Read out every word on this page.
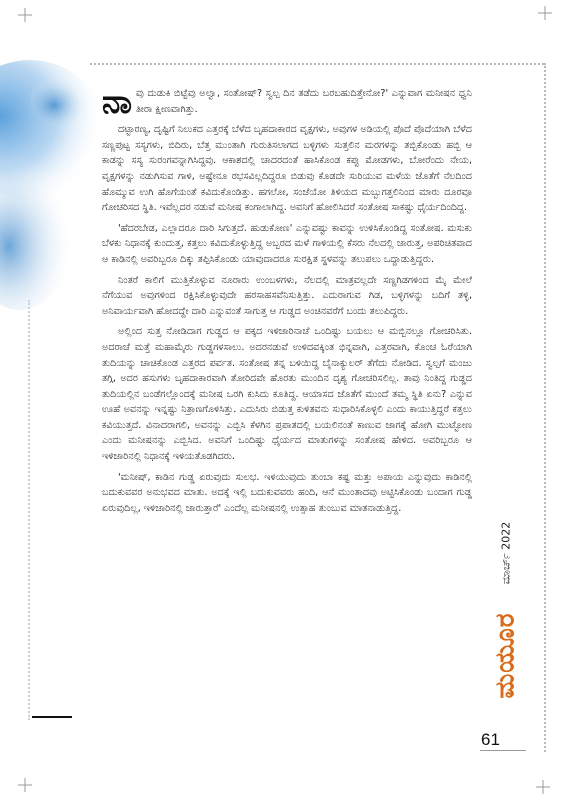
ನಾವು ದುಡುಕಿ ಬಿಟ್ಟೆವು ಅಲ್ವಾ, ಸಂತೋಷ್? ಸ್ವಲ್ಪ ದಿನ ತಡೆದು ಬರಬಹುದಿತ್ತೇನೋ?' ಎನ್ನುವಾಗ ಮನೀಷನ ಧ್ವನಿ ತೀರಾ ಕ್ಷೀಣವಾಗಿತ್ತು.

ದಟ್ಟಾರಣ್ಯ, ದೃಷ್ಟಿಗೆ ನಿಲುಕದ ಎತ್ತರಕ್ಕೆ ಬೆಳೆದ ಬೃಹದಾಕಾರದ ವೃಕ್ಷಗಳು, ಅವುಗಳ ಅಡಿಯಲ್ಲಿ ಪೊದೆ ಪೊದೆಯಾಗಿ ಬೆಳೆದ ಸಣ್ಣಪುಟ್ಟ ಸಸ್ಯಗಳು, ಬಿದಿರು, ಬೆತ್ತ ಮುಂತಾಗಿ ಗುರುತಿಸಲಾಗದ ಬಳ್ಳಿಗಳು ಸುತ್ತಲಿನ ಮರಗಳನ್ನು ತಬ್ಬಿಕೊಂಡು ಹಬ್ಬಿ ಆ ಕಾಡನ್ನು ಸಸ್ಯ ಸುರಂಗವನ್ನಾಗಿಸಿದ್ದವು. ಆಕಾಶದಲ್ಲಿ ಚಾದರದಂತೆ ಹಾಸಿಕೊಂಡ ಕಪ್ಪು ಮೋಡಗಳು, ಬೋರೆಂದು ನೇಯ, ವೃಕ್ಷಗಳನ್ನು ನಡುಗಿಸುವ ಗಾಳಿ, ಅಷ್ಟೇನೂ ರಭಸವಿಲ್ಲದಿದ್ದರೂ ಬಿಡುವು ಕೊಡದೇ ಸುರಿಯುವ ಮಳೆಯ ಜೊತೆಗೆ ನೆಲದಿಂದ ಹೊಮ್ಮುವ ಉಗಿ ಹೊಗೆಯಂತೆ ಕವಿದುಕೊಂಡಿತ್ತು. ಹಗಲೋ, ಸಂಜೆಯೋ ತಿಳಿಯದ ಮಬ್ಬುಗತ್ತಲಿನಿಂದ ಮಾರು ದೂರವೂ ಗೋಚರಿಸದ ಸ್ಥಿತಿ. ಇವೆಲ್ಲದರ ನಡುವೆ ಮನೀಷ ಕಂಗಾಲಾಗಿದ್ದ. ಅವನಿಗೆ ಹೋಲಿಸಿದರೆ ಸಂತೋಷ ಸಾಕಷ್ಟು ಧೈರ್ಯದಿಂದಿದ್ದ.

'ಹೆದರಬೇಡ, ಎಲ್ಲಾದರೂ ದಾರಿ ಸಿಗುತ್ತದೆ. ಹುಡುಕೋಣ' ಎನ್ನುವಷ್ಟು ಕಾವನ್ನು ಉಳಿಸಿಕೊಂಡಿದ್ದ ಸಂತೋಷ. ಮಸುಕು ಬೆಳಕು ನಿಧಾನಕ್ಕೆ ಕುಂದುತ್ತ, ಕತ್ತಲು ಕವಿದುಕೊಳ್ಳುತ್ತಿದ್ದ ಅಬ್ಬರದ ಮಳೆ ಗಾಳಿಯಲ್ಲಿ ಕೆಸರು ನೆಲದಲ್ಲಿ ಜಾರುತ್ತ, ಅಪರಿಚಿತವಾದ ಆ ಕಾಡಿನಲ್ಲಿ ಅವರಿಬ್ಬರೂ ದಿಕ್ಕು ತಪ್ಪಿಸಿಕೊಂಡು ಯಾವುದಾದರೂ ಸುರಕ್ಷಿತ ಸ್ಥಳವನ್ನು ತಲುಪಲು ಒದ್ದಾಡುತ್ತಿದ್ದರು.

ನಿಂತರೆ ಕಾಲಿಗೆ ಮುತ್ತಿಕೊಳ್ಳುವ ನೂರಾರು ಉಂಬಳಗಳು, ನೆಲದಲ್ಲಿ ಮಾತ್ರವಲ್ಲದೇ ಸಣ್ಣಗಿಡಗಳಿಂದ ಮೈ ಮೇಲೆ ನೆಗೆಯುವ ಅವುಗಳಿಂದ ರಕ್ಷಿಸಿಕೊಳ್ಳುವುದೇ ಹರಸಾಹಸವೆನಿಸುತ್ತಿತ್ತು. ಎದುರಾಗುವ ಗಿಡ, ಬಳ್ಳಿಗಳನ್ನು ಬದಿಗೆ ತಳ್ಳಿ, ಅನಿವಾರ್ಯವಾಗಿ ಹೋದದ್ದೇ ದಾರಿ ಎನ್ನುವಂತೆ ಸಾಗುತ್ತ ಆ ಗುಡ್ಡದ ಅಂಚಿನವರೆಗೆ ಬಂದು ತಲುಪಿದ್ದರು.

ಅಲ್ಲಿಂದ ಸುತ್ತ ನೋಡಿದಾಗ ಗುಡ್ಡದ ಆ ಪಕ್ಕದ ಇಳಿಜಾರಿನಾಚೆ ಒಂದಿಷ್ಟು ಬಯಲು ಆ ಮಬ್ಬಿನಲ್ಲೂ ಗೋಚರಿಸಿತು. ಅದರಾಚೆ ಮತ್ತೆ ಮಹಾಮೈರು ಗುಡ್ಡಗಳಸಾಲು. ಅದರನಡುವೆ ಉಳಿದವಕ್ಕಿಂತ ಭಿನ್ನವಾಗಿ, ಎತ್ತರವಾಗಿ, ಕೊಂಚ ಓರೆಯಾಗಿ ತುದಿಯನ್ನು ಚಾಚಿಕೊಂಡ ಎತ್ತರದ ಪರ್ವತ. ಸಂತೋಷ ತನ್ನ ಬಳಿಯಿದ್ದ ಬೈನಾಕ್ಯುಲರ್ ತೆಗೆದು ನೋಡಿದ. ಸ್ವಲ್ಪಗೆ ಮಂಜು ತಗ್ಗಿ, ಅದರ ಹಸುಗಳು ಬೃಹದಾಕಾರವಾಗಿ ತೋರಿದವೇ ಹೊರತು ಮುಂದಿನ ದೃಶ್ಯ ಗೋಚರಿಸಲಿಲ್ಲ. ತಾವು ನಿಂತಿದ್ದ ಗುಡ್ಡದ ತುದಿಯಲ್ಲಿನ ಬಂಡೆಗಲ್ಲೊಂದಕ್ಕೆ ಮನೀಷ ಒರಗಿ ಕುಸಿದು ಕೂತಿದ್ದ. ಆಯಾಸದ ಜೊತೆಗೆ ಮುಂದೆ ತಮ್ಮ ಸ್ಥಿತಿ ಏನು? ಎನ್ನುವ ಊಹೆ ಅವನನ್ನು ಇನ್ನಷ್ಟು ನಿತ್ರಾಣಗೊಳಿಸಿತ್ತು. ಎದುಸಿರು ಬಿಡುತ್ತ ಕುಳಿತವನು ಸುಧಾರಿಸಿಕೊಳ್ಳಲಿ ಎಂದು ಕಾಯುತ್ತಿದ್ದರೆ ಕತ್ತಲು ಕವಿಯುತ್ತದೆ. ವಿನಾದರಾಗಲಿ, ಅವನನ್ನು ಎಬ್ಬಿಸಿ ಕೆಳಗಿನ ಪ್ರಪಾತದಲ್ಲಿ ಬಯಲಿನಂತೆ ಕಾಣುವ ಜಾಗಕ್ಕೆ ಹೋಗಿ ಮುಟ್ಟೋಣ ಎಂದು ಮನೀಷನನ್ನು ಎಬ್ಬಿಸಿದ. ಅವನಿಗೆ ಒಂದಿಷ್ಟು ಧೈರ್ಯದ ಮಾತುಗಳನ್ನು ಸಂತೋಷ ಹೇಳಿದ. ಅವರಿಬ್ಬರೂ ಆ ಇಳಿಜಾರಿನಲ್ಲಿ ನಿಧಾನಕ್ಕೆ ಇಳಿಯತೊಡಗಿದರು.

'ಮನೀಷ್, ಕಾಡಿನ ಗುಡ್ಡ ಏರುವುದು ಸುಲಭ. ಇಳಿಯುವುದು ತುಂಬಾ ಕಷ್ಟ ಮತ್ತು ಅಪಾಯ ಎನ್ನುವುದು ಕಾಡಿನಲ್ಲಿ ಬದುಕುವವರ ಅನುಭವದ ಮಾತು. ಅದಕ್ಕೆ ಇಲ್ಲಿ ಬದುಕುವವರು ಹಂದಿ, ಆನೆ ಮುಂತಾದವು ಅಟ್ಟಿಸಿಕೊಂಡು ಬಂದಾಗ ಗುಡ್ಡ ಏರುವುದಿಲ್ಲ, ಇಳಿಜಾರಿನಲ್ಲಿ ಜಾರುತ್ತಾರೆ' ಎಂದೆಲ್ಲ ಮನೀಷನಲ್ಲಿ ಉತ್ಸಾಹ ತುಂಬುವ ಮಾತನಾಡುತ್ತಿದ್ದ.

ಮಾರ್ಚ್ 2022
ಮಯೂರ
61
